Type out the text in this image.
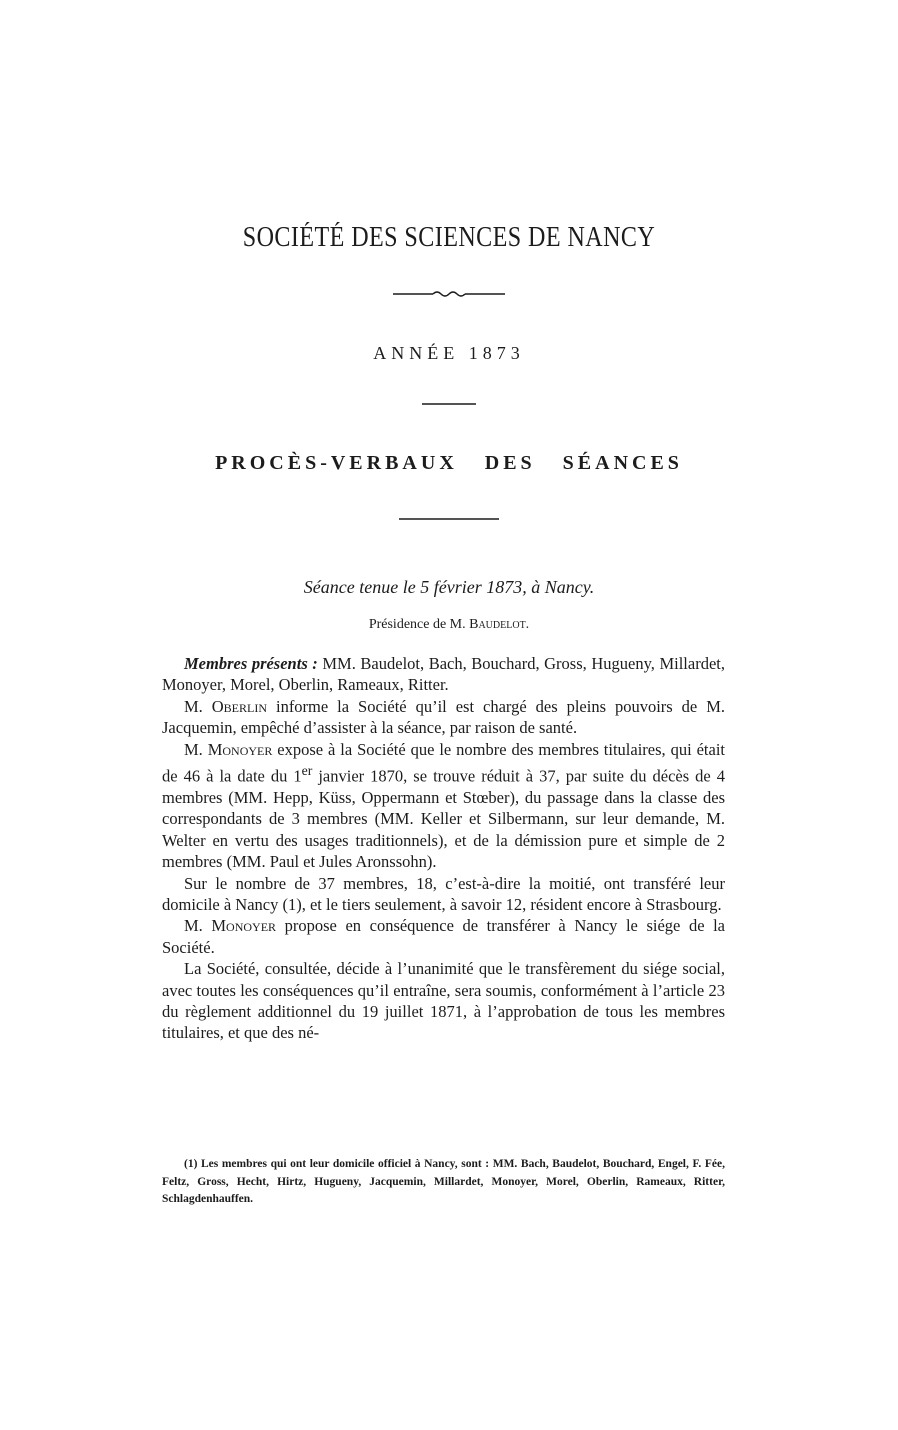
SOCIÉTÉ DES SCIENCES DE NANCY
ANNÉE 1873
PROCÈS-VERBAUX DES SÉANCES
Séance tenue le 5 février 1873, à Nancy.
Présidence de M. Baudelot.

Membres présents : MM. Baudelot, Bach, Bouchard, Gross, Hugueny, Millardet, Monoyer, Morel, Oberlin, Rameaux, Ritter.

M. Oberlin informe la Société qu’il est chargé des pleins pouvoirs de M. Jacquemin, empêché d’assister à la séance, par raison de santé.

M. Monoyer expose à la Société que le nombre des membres titulaires, qui était de 46 à la date du 1er janvier 1870, se trouve réduit à 37, par suite du décès de 4 membres (MM. Hepp, Küss, Oppermann et Stœber), du passage dans la classe des correspondants de 3 membres (MM. Keller et Silbermann, sur leur demande, M. Welter en vertu des usages traditionnels), et de la démission pure et simple de 2 membres (MM. Paul et Jules Aronssohn).

Sur le nombre de 37 membres, 18, c’est-à-dire la moitié, ont transféré leur domicile à Nancy (1), et le tiers seulement, à savoir 12, résident encore à Strasbourg.

M. Monoyer propose en conséquence de transférer à Nancy le siége de la Société.

La Société, consultée, décide à l’unanimité que le transfèrement du siége social, avec toutes les conséquences qu’il entraîne, sera soumis, conformément à l’article 23 du règlement additionnel du 19 juillet 1871, à l’approbation de tous les membres titulaires, et que des né-

(1) Les membres qui ont leur domicile officiel à Nancy, sont : MM. Bach, Baudelot, Bouchard, Engel, F. Fée, Feltz, Gross, Hecht, Hirtz, Hugueny, Jacquemin, Millardet, Monoyer, Morel, Oberlin, Rameaux, Ritter, Schlagdenhauffen.
